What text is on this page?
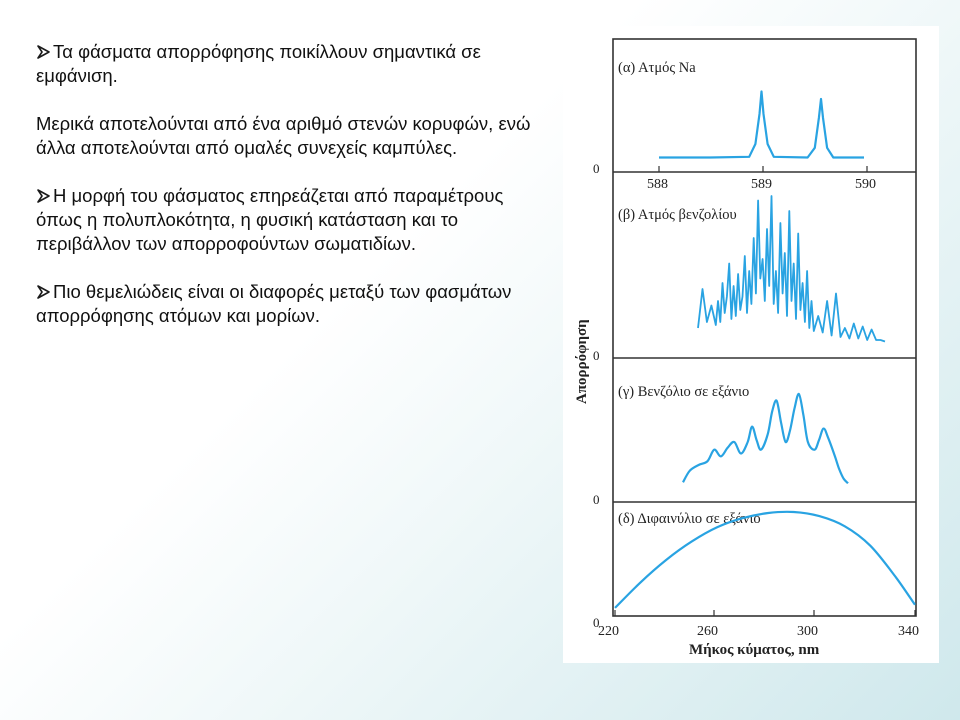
Τα φάσματα απορρόφησης ποικίλλουν σημαντικά σε εμφάνιση.
Μερικά αποτελούνται από ένα αριθμό στενών κορυφών, ενώ άλλα αποτελούνται από ομαλές συνεχείς καμπύλες.
Η μορφή του φάσματος επηρεάζεται από παραμέτρους όπως η πολυπλοκότητα, η φυσική κατάσταση και το περιβάλλον των απορροφούντων σωματιδίων.
Πιο θεμελιώδεις είναι οι διαφορές μεταξύ των φασμάτων απορρόφησης ατόμων και μορίων.
(α) Ατμός Na
0
588	589	590
(β) Ατμός βενζολίου
0
(γ) Βενζόλιο σε εξάνιο
0
(δ) Διφαινύλιο σε εξάνιο
0
220	260	300	340
Απορρόφηση
Μήκος κύματος, nm
